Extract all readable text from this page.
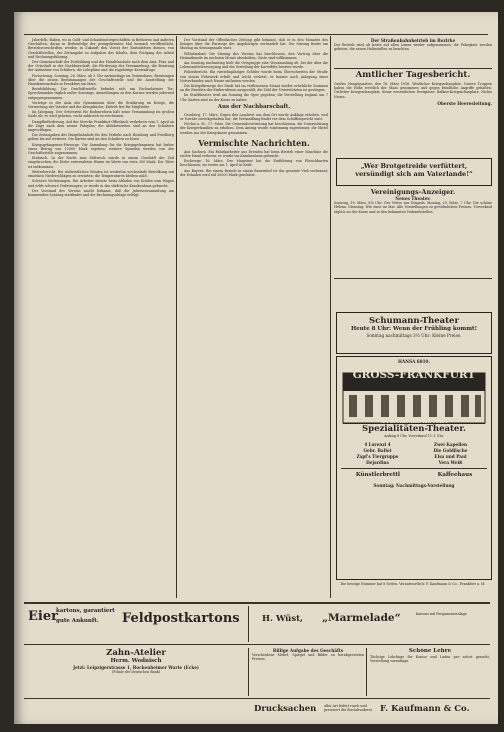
Jaberfelb, Baben, wo in Gold- und Schaufenstergeschäften in Bethoven und anderen Geschäften, daran in Reihenfolge der preisgekrönten Mal hernach veröffentlicht, Betriebsvorschriften werden in Zukunft den Vorrat der Kuriositäten dienen, von Geschäftstellen, der Zeitangabe zu Aufgaben des Inhalts, dem Fortgang der Arbeit und Rechnungsführung.
Der Gemeinschaft der Fortbildung und der Handelsschule nach dem Amt, Frau und der Ortschaft in der Nachbarschaft, die Förderung der Versammlung; die Beratung der Aufnahme von Schülern, die Lehrpläne und die zugehörige Kostenfrage.
Fortsetzung. Sonntag, 26. März, ab 3 Uhr nachmittags im Vereinshaus, Beratungen über die neuen Bestimmungen der Geschäftsstelle und die Ausstellung der Hausfrauenschule in Frankfurt am Main.
Berufsbildung. Die Geschäftsstelle befindet sich am Eschenheimer Tor; Sprechstunden täglich außer Sonntags. Anmeldungen zu den Kursen werden jederzeit entgegengenommen.
Vorträge in der Aula des Gymnasiums über die Ernährung im Kriege, die Verwertung der Vorräte und die Kriegsküche; Eintritt frei für Mitglieder.
Im Jahrgang. Der Ortsverein für Bodenreform hält seine Versammlung im großen Saale ab; es wird gebeten, recht zahlreich zu erscheinen.
Dampfbeförderung. Auf der Strecke Frankfurt-Offenbach verkehren vom 1. April an die Züge nach dem neuen Fahrplan; die Abfahrtszeiten sind an den Schaltern angeschlagen.
Die Zeitangaben des Hauptbahnhofs für den Verkehr nach Homburg und Friedberg gelten bis auf weiteres. Die Karten sind an den Schaltern zu lösen.
Kriegsgefangenen-Fürsorge. Die Sammlung für die Kriegsgefangenen hat bisher einen Betrag von 12000 Mark ergeben; weitere Spenden werden von der Geschäftsstelle angenommen.
Einbruch. In der Nacht zum Mittwoch wurde in einem Geschäft der Zeil eingebrochen; die Diebe entwendeten Waren im Werte von etwa 300 Mark. Der Täter ist entkommen.
Wetterbericht. Bei südwestlichen Winden ist weiterhin wechselnde Bewölkung mit einzelnen Niederschlägen zu erwarten; die Temperaturen bleiben mild.
Schwere Verletzungen. Ein Arbeiter stürzte beim Abladen von Kohlen vom Wagen und erlitt schwere Verletzungen; er wurde in das städtische Krankenhaus gebracht.
Der Vorstand des Vereins macht bekannt, daß die Jahresversammlung am kommenden Sonntag stattfindet und die Rechnungsablage erfolgt.
Der Vorstand der Offenbacher Zeitung gibt bekannt, daß er in den Monaten des Krieges über die Fürsorge der Angehörigen verhandelt hat. Die Sitzung findet am Montag im Sitzungssaale statt.
Wilhelmsbad. Die Sitzung des Vereins hat beschlossen, den Vortrag über die Heimatkunde im nächsten Monat abzuhalten; Gäste sind willkommen.
Am Sonntag nachmittag hielt die Ortsgruppe eine Versammlung ab, bei der über die Lebensmittelversorgung und die Verteilung der Kartoffeln beraten wurde.
Polizeibericht. Ein vierzehnjähriger Schüler wurde beim Überschreiten der Straße von einem Fuhrwerk erfaßt und leicht verletzt; er konnte nach Anlegung eines Notverbandes nach Hause entlassen werden.
Die Kriegsfürsorge der Stadt hat im verflossenen Monat wieder erhebliche Summen an die Familien der Einberufenen ausgezahlt; die Zahl der Unterstützten ist gestiegen.
Im Stadttheater wird am Sonntag die Oper gegeben; die Vorstellung beginnt um 7 Uhr. Karten sind an der Kasse zu haben.
Aus der Nachbarschaft.
Cronberg, 17. März. Gegen den Landwirt aus dem Ort wurde Anklage erhoben, weil er Vorräte zurückgehalten hat; die Verhandlung findet vor dem Schöffengericht statt.
Höchst a. M., 17. März. Die Gemeindevertretung hat beschlossen, die Unterstützung der Kriegerfamilien zu erhöhen. Dem Antrag wurde einstimmig zugestimmt; die Mittel werden aus der Kriegskasse genommen.
Vermischte Nachrichten.
Aus Sachsen. Ein Fabrikarbeiter aus Dresden hat beim Betrieb einer Maschine die rechte Hand verloren; er wurde ins Krankenhaus gebracht.
Eschwege, 16. März. Der Magistrat hat die Einführung von Fleischkarten beschlossen; sie treten am 1. April in Kraft.
Aus Bayern. Bei einem Brande in einem Bauernhof ist das gesamte Vieh verbrannt; der Schaden wird auf 20000 Mark geschätzt.
Der Straßenbahnbetrieb im Bezirke
Der Betrieb wird ab heute auf allen Linien wieder aufgenommen; die Fahrgäste werden gebeten, die neuen Haltestellen zu beachten.
Amtlicher Tagesbericht.
Großes Hauptquartier, den 18. März 1916. Westlicher Kriegsschauplatz. Unsere Truppen haben die Höhe westlich der Maas genommen und gegen feindliche Angriffe gehalten. Östlicher Kriegsschauplatz. Keine wesentlichen Ereignisse. Balkan-Kriegsschauplatz. Nichts Neues.
Oberste Heeresleitung.
„Wer Brotgetreide verfüttert,
versündigt sich am Vaterlande!“
Vereinigungs-Anzeiger.
Neues Theater.
Sonntag, 19. März, 8¼ Uhr: Der Vetter aus Dingsda. Montag, 20. März, 7 Uhr: Die schöne Helena. Dienstag: Wie einst im Mai. Alle Vorstellungen zu gewöhnlichen Preisen. Vorverkauf täglich an der Kasse und in den bekannten Verkaufsstellen.
Schumann-Theater
Heute 8 Uhr: Wenn der Frühling kommt!
Sonntag nachmittags 3½ Uhr: Kleine Preise.
HANSA 6810.
GROSS-FRANKFURT
AM ESCHENHEIMER TURM
Spezialitäten-Theater.
Anfang 8 Uhr, Vorverkauf 11–1 Uhr.
4 Lorenzi 4	Zwei Kapellen
Gebr. Ballot	Die Goldfische
Zapf's Tiergruppe	Elsa und Paul
Dejardins	Vera Weiß
Künstlerbrettl	Kaffeehaus
Sonntag: Nachmittags-Vorstellung
Die heutige Nummer hat 8 Seiten. Verantwortlich: F. Kaufmann & Co., Frankfurt a. M.
Eier
kartons, garantiert
gute Ankunft. Feldpostkartons	H. Wüst, „Marmelade“	kartons mit Pergamenteinlage
Zahn-Atelier
Herm. Wodnisch
Jetzt: Leipzigerstrasse 1, Bockenheimer Warte (Ecke)
(Filiale der Deutschen Bank)
Billige Aufgabe des Geschäfts
Verschiedene Möbel, Spiegel und Bilder zu herabgesetzten Preisen.
Schöne Lehre
Tüchtige Lehrlinge für Kontor und Laden per sofort gesucht; Vorstellung vormittags.
Drucksachen aller Art liefert rasch und preiswert die Buchdruckerei F. Kaufmann & Co.
